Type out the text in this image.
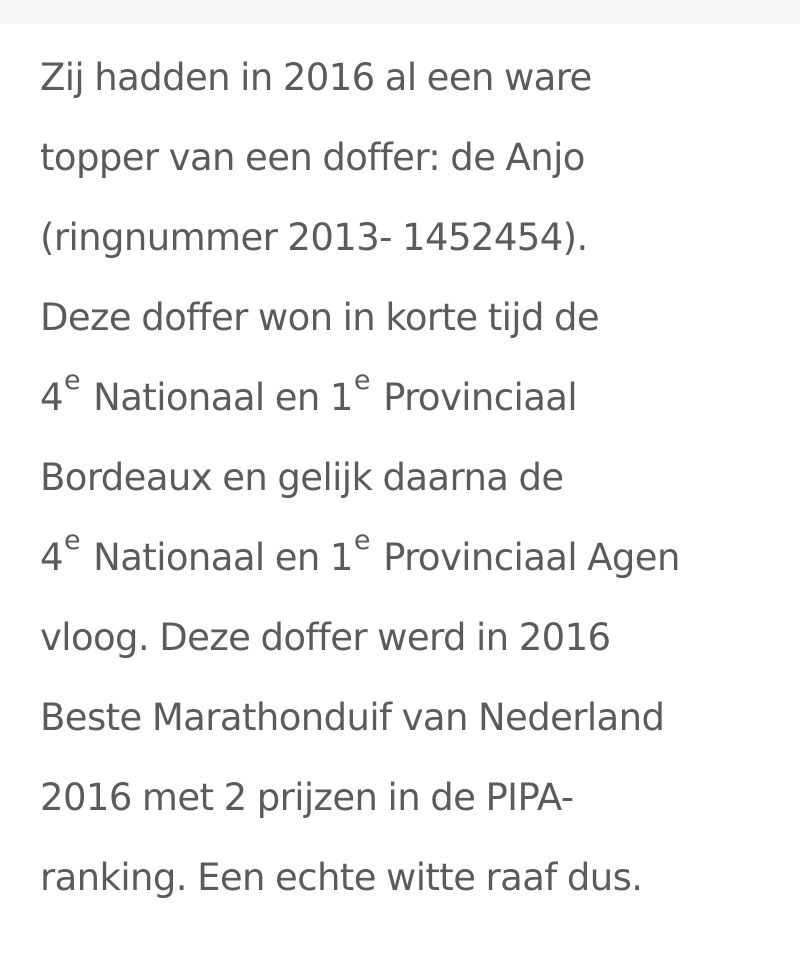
Zij hadden in 2016 al een ware
topper van een doffer: de Anjo
(ringnummer 2013- 1452454).
Deze doffer won in korte tijd de
4e Nationaal en 1e Provinciaal
Bordeaux en gelijk daarna de
4e Nationaal en 1e Provinciaal Agen
vloog. Deze doffer werd in 2016
Beste Marathonduif van Nederland
2016 met 2 prijzen in de PIPA-
ranking. Een echte witte raaf dus.
